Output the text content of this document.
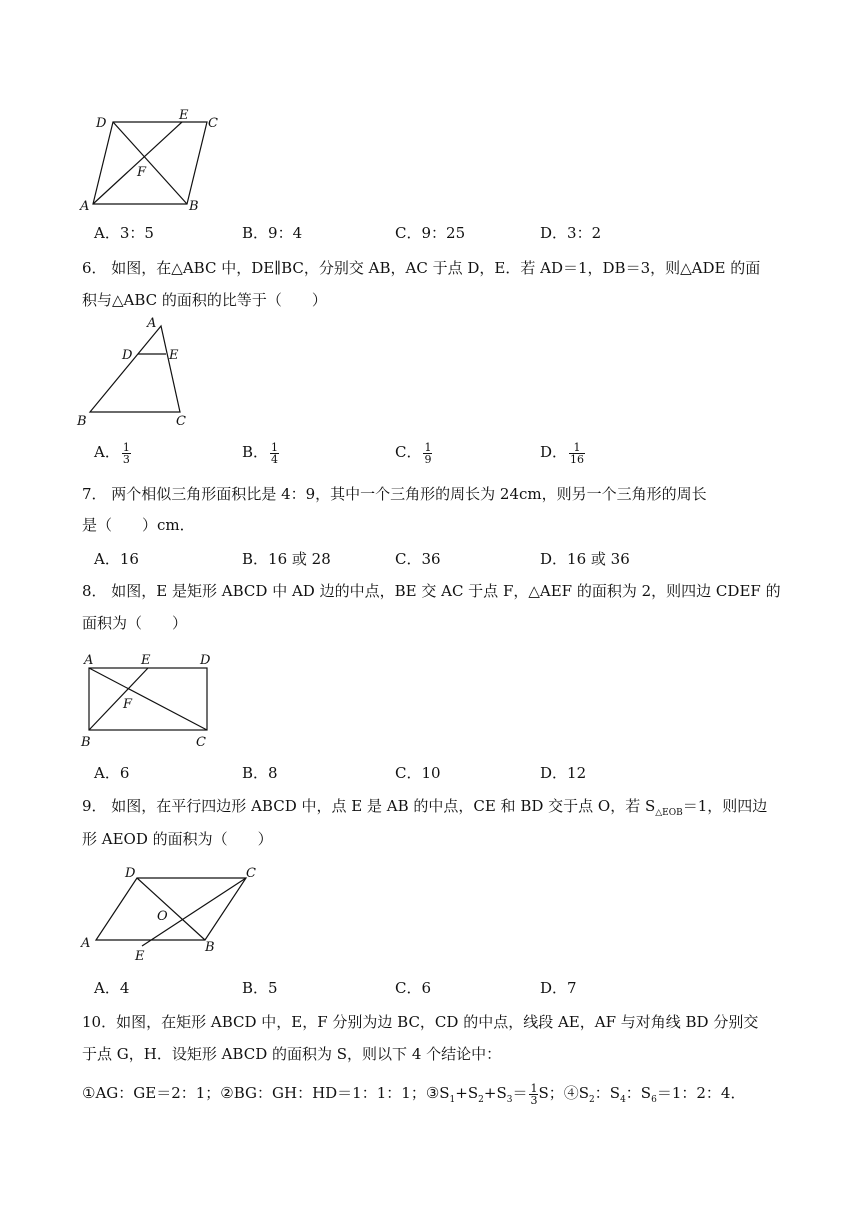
D
E
C
F
A	B
A．3：5	B．9：4	C．9：25	D．3：2
6． 如图，在△ABC 中，DE∥BC，分别交 AB，AC 于点 D，E．若 AD＝1，DB＝3，则△ADE 的面
积与△ABC 的面积的比等于（　　）
A
D	E
B	C
A． $\frac{1}{3}$	B． $\frac{1}{4}$	C． $\frac{1}{9}$	D． $\frac{1}{16}$
7． 两个相似三角形面积比是 4：9，其中一个三角形的周长为 24cm，则另一个三角形的周长
是（　　）cm．
A．16	B．16 或 28	C．36	D．16 或 36
8． 如图，E 是矩形 ABCD 中 AD 边的中点，BE 交 AC 于点 F，△AEF 的面积为 2，则四边 CDEF 的
面积为（　　）
A	E	D
F
B	C
A．6	B．8	C．10	D．12
9． 如图，在平行四边形 ABCD 中，点 E 是 AB 的中点，CE 和 BD 交于点 O，若 $S_{\triangle EOB}=1$，则四边
形 AEOD 的面积为（　　）
D	C
O
A
E
B
A．4	B．5	C．6	D．7
10．如图，在矩形 ABCD 中，E，F 分别为边 BC，CD 的中点，线段 AE，AF 与对角线 BD 分别交
于点 G，H．设矩形 ABCD 的面积为 S，则以下 4 个结论中：
①AG：GE＝2：1；②BG：GH：HD＝1：1：1；$③S_1+S_2+S_3= \frac{1}{3}$ S；$④S_2$：$S_4$：$S_6=1$：2：4．
